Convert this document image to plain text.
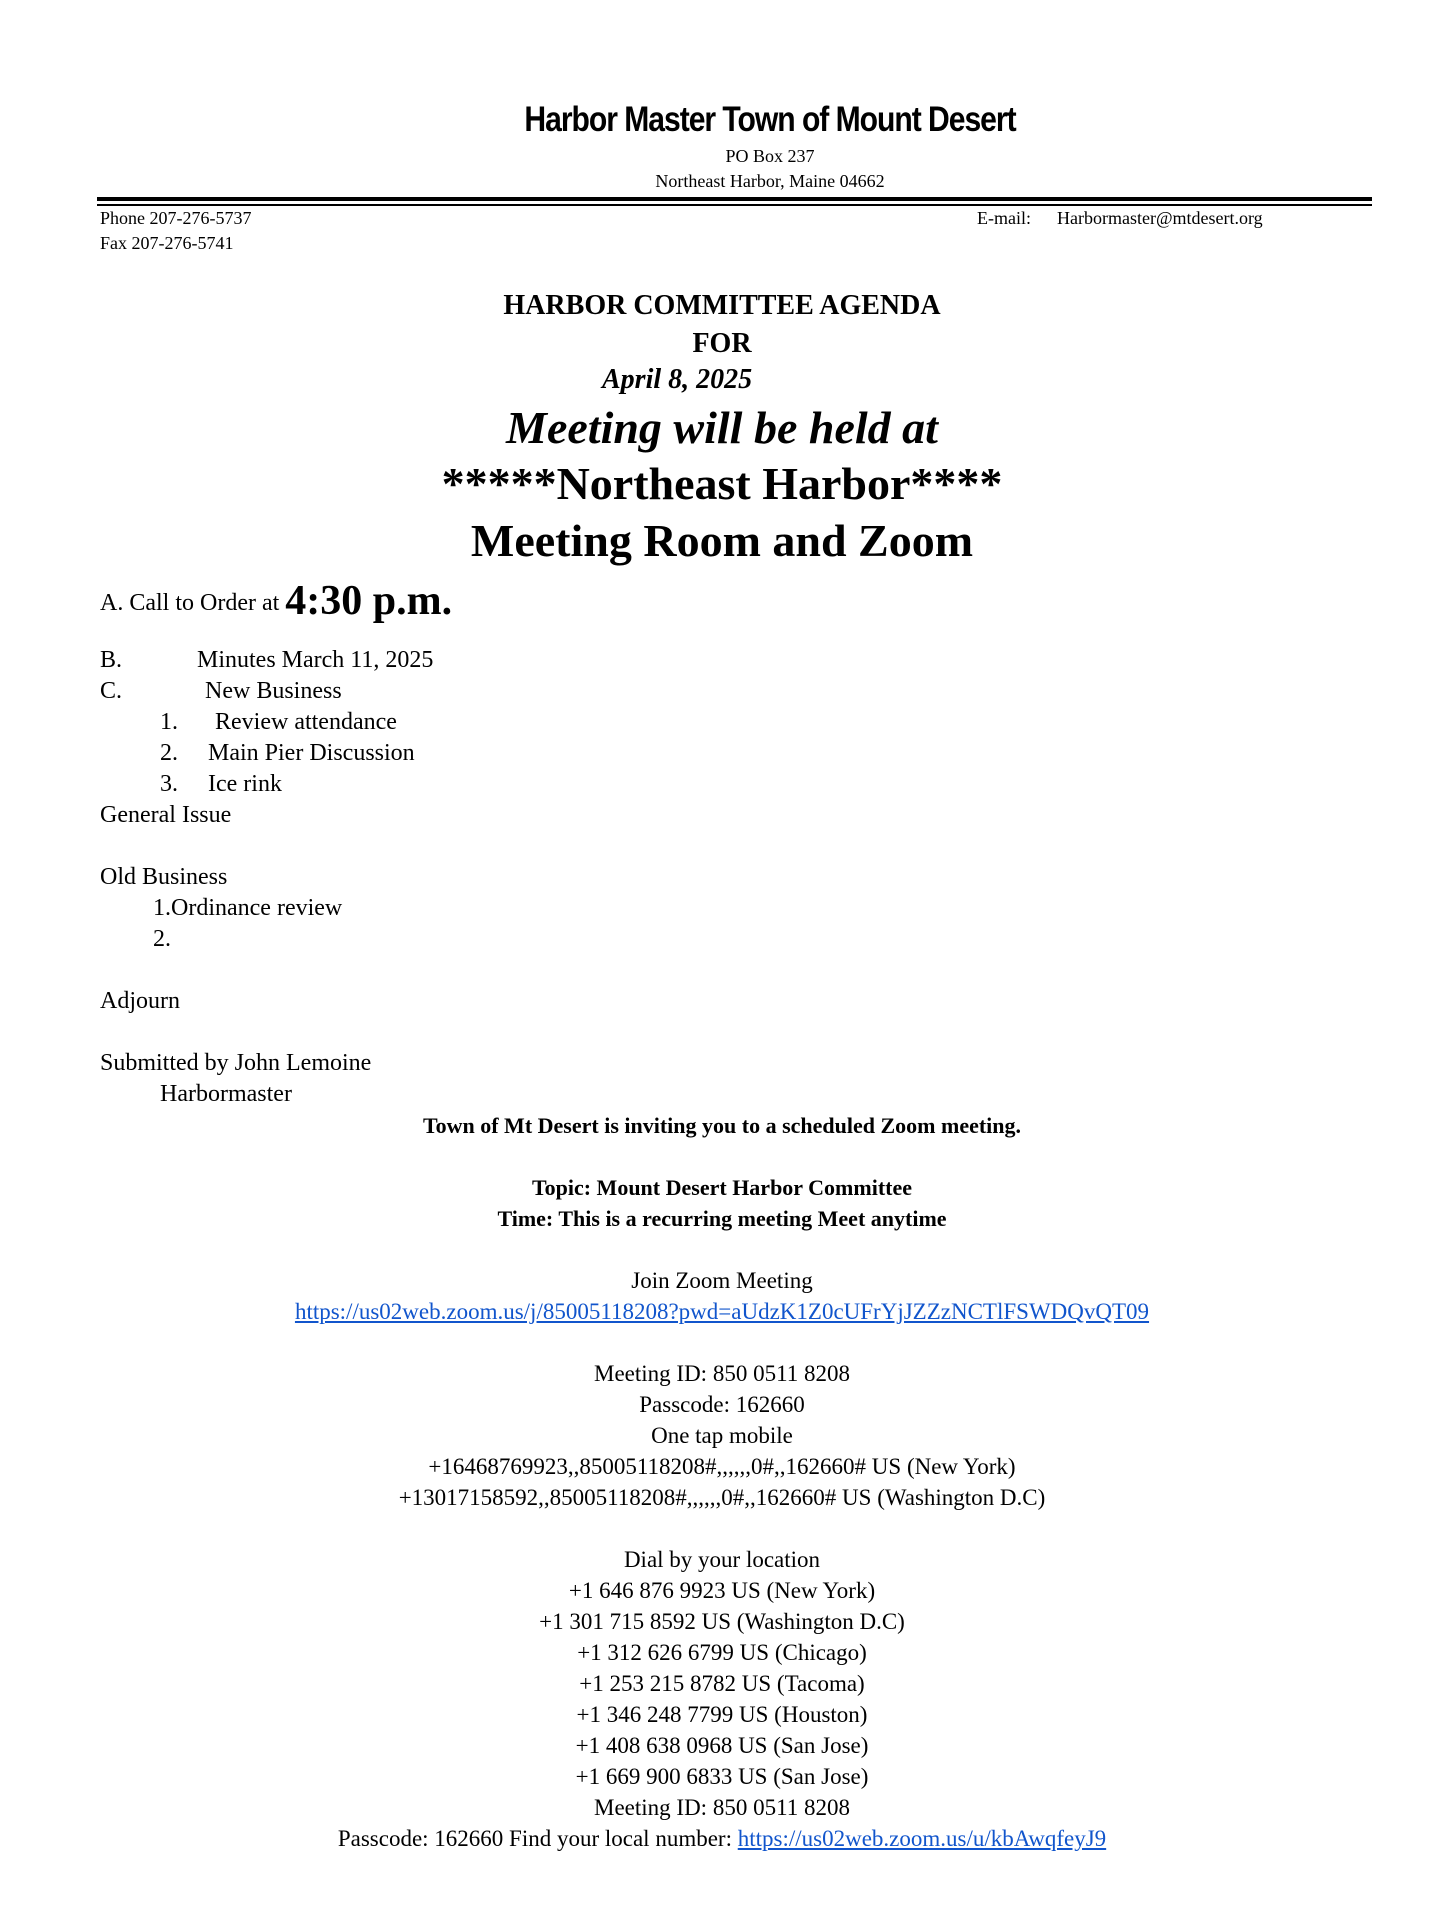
Harbor Master Town of Mount Desert
PO Box 237
Northeast Harbor, Maine 04662
Phone 207-276-5737
Fax 207-276-5741
E-mail: Harbormaster@mtdesert.org
HARBOR COMMITTEE AGENDA
FOR
April 8, 2025
Meeting will be held at
*****Northeast Harbor****
Meeting Room and Zoom
A. Call to Order at 4:30 p.m.
B.	Minutes March 11, 2025
C.	New Business
1. Review attendance
2. Main Pier Discussion
3. Ice rink
General Issue
Old Business
1.Ordinance review
2.
Adjourn
Submitted by John Lemoine
Harbormaster
Town of Mt Desert is inviting you to a scheduled Zoom meeting.
Topic: Mount Desert Harbor Committee
Time: This is a recurring meeting Meet anytime
Join Zoom Meeting
https://us02web.zoom.us/j/85005118208?pwd=aUdzK1Z0cUFrYjJZZzNCTlFSWDQvQT09
Meeting ID: 850 0511 8208
Passcode: 162660
One tap mobile
+16468769923,,85005118208#,,,,,,0#,,162660# US (New York)
+13017158592,,85005118208#,,,,,,0#,,162660# US (Washington D.C)
Dial by your location
+1 646 876 9923 US (New York)
+1 301 715 8592 US (Washington D.C)
+1 312 626 6799 US (Chicago)
+1 253 215 8782 US (Tacoma)
+1 346 248 7799 US (Houston)
+1 408 638 0968 US (San Jose)
+1 669 900 6833 US (San Jose)
Meeting ID: 850 0511 8208
Passcode: 162660 Find your local number: https://us02web.zoom.us/u/kbAwqfeyJ9
